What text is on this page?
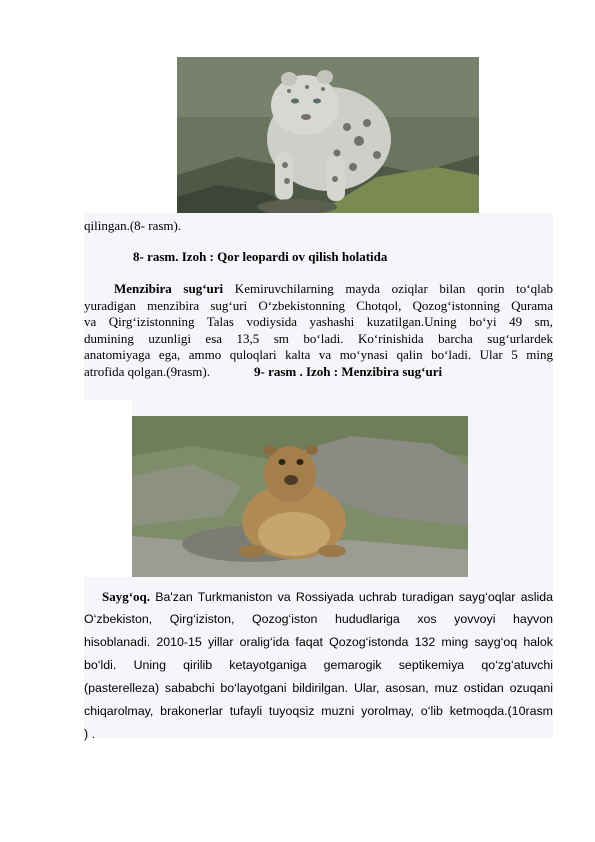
qilingan.(8- rasm).
8- rasm. Izoh : Qor leopardi ov qilish holatida
Menzibira sug‘uri Kemiruvchilarning mayda oziqlar bilan qorin to‘qlab
yuradigan menzibira sug‘uri O‘zbekistonning Chotqol, Qozog‘istonning Qurama
va Qirg‘izistonning Talas vodiysida yashashi kuzatilgan.Uning bo‘yi 49 sm,
dumining uzunligi esa 13,5 sm bo‘ladi. Ko‘rinishida barcha sug‘urlardek
anatomiyaga ega, ammo quloqlari kalta va mo‘ynasi qalin bo‘ladi. Ular 5 ming
atrofida qolgan.(9rasm).	9- rasm . Izoh : Menzibira sug‘uri
Sayg‘oq. Ba'zan Turkmaniston va Rossiyada uchrab turadigan sayg‘oqlar aslida
O‘zbekiston, Qirg‘iziston, Qozog‘iston hududlariga xos yovvoyi hayvon
hisoblanadi. 2010-15 yillar oralig‘ida faqat Qozog‘istonda 132 ming sayg‘oq halok
bo‘ldi. Uning qirilib ketayotganiga gemarogik septikemiya qo‘zg‘atuvchi
(pasterelleza) sababchi bo‘layotgani bildirilgan. Ular, asosan, muz ostidan ozuqani
chiqarolmay, brakonerlar tufayli tuyoqsiz muzni yorolmay, o‘lib ketmoqda.(10rasm
) .
